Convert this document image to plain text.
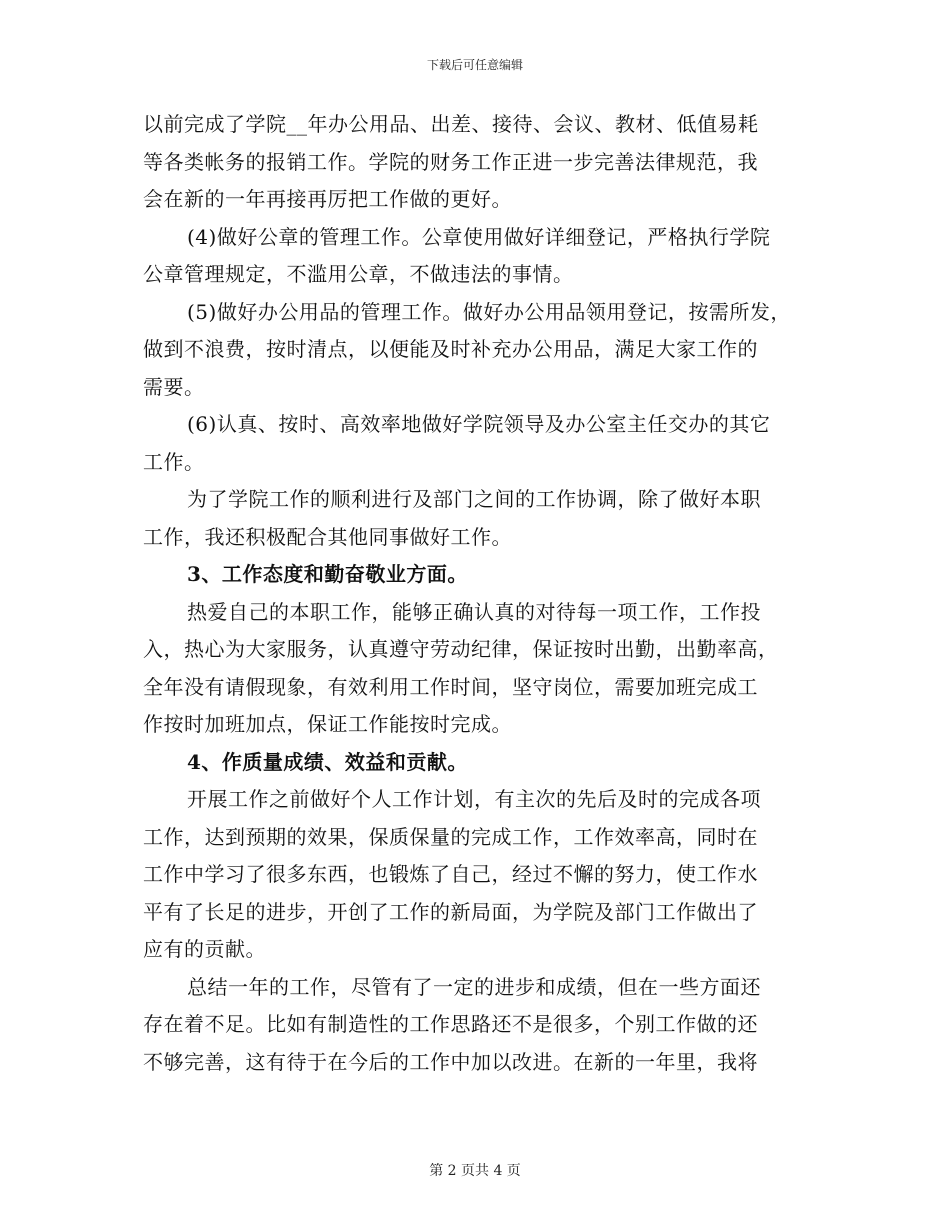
下载后可任意编辑
以前完成了学院__年办公用品、出差、接待、会议、教材、低值易耗
等各类帐务的报销工作。学院的财务工作正进一步完善法律规范，我
会在新的一年再接再厉把工作做的更好。
(4)做好公章的管理工作。公章使用做好详细登记，严格执行学院
公章管理规定，不滥用公章，不做违法的事情。
(5)做好办公用品的管理工作。做好办公用品领用登记，按需所发，
做到不浪费，按时清点，以便能及时补充办公用品，满足大家工作的
需要。
(6)认真、按时、高效率地做好学院领导及办公室主任交办的其它
工作。
为了学院工作的顺利进行及部门之间的工作协调，除了做好本职
工作，我还积极配合其他同事做好工作。
3、工作态度和勤奋敬业方面。
热爱自己的本职工作，能够正确认真的对待每一项工作，工作投
入，热心为大家服务，认真遵守劳动纪律，保证按时出勤，出勤率高，
全年没有请假现象，有效利用工作时间，坚守岗位，需要加班完成工
作按时加班加点，保证工作能按时完成。
4、作质量成绩、效益和贡献。
开展工作之前做好个人工作计划，有主次的先后及时的完成各项
工作，达到预期的效果，保质保量的完成工作，工作效率高，同时在
工作中学习了很多东西，也锻炼了自己，经过不懈的努力，使工作水
平有了长足的进步，开创了工作的新局面，为学院及部门工作做出了
应有的贡献。
总结一年的工作，尽管有了一定的进步和成绩，但在一些方面还
存在着不足。比如有制造性的工作思路还不是很多，个别工作做的还
不够完善，这有待于在今后的工作中加以改进。在新的一年里，我将
第 2 页共 4 页
